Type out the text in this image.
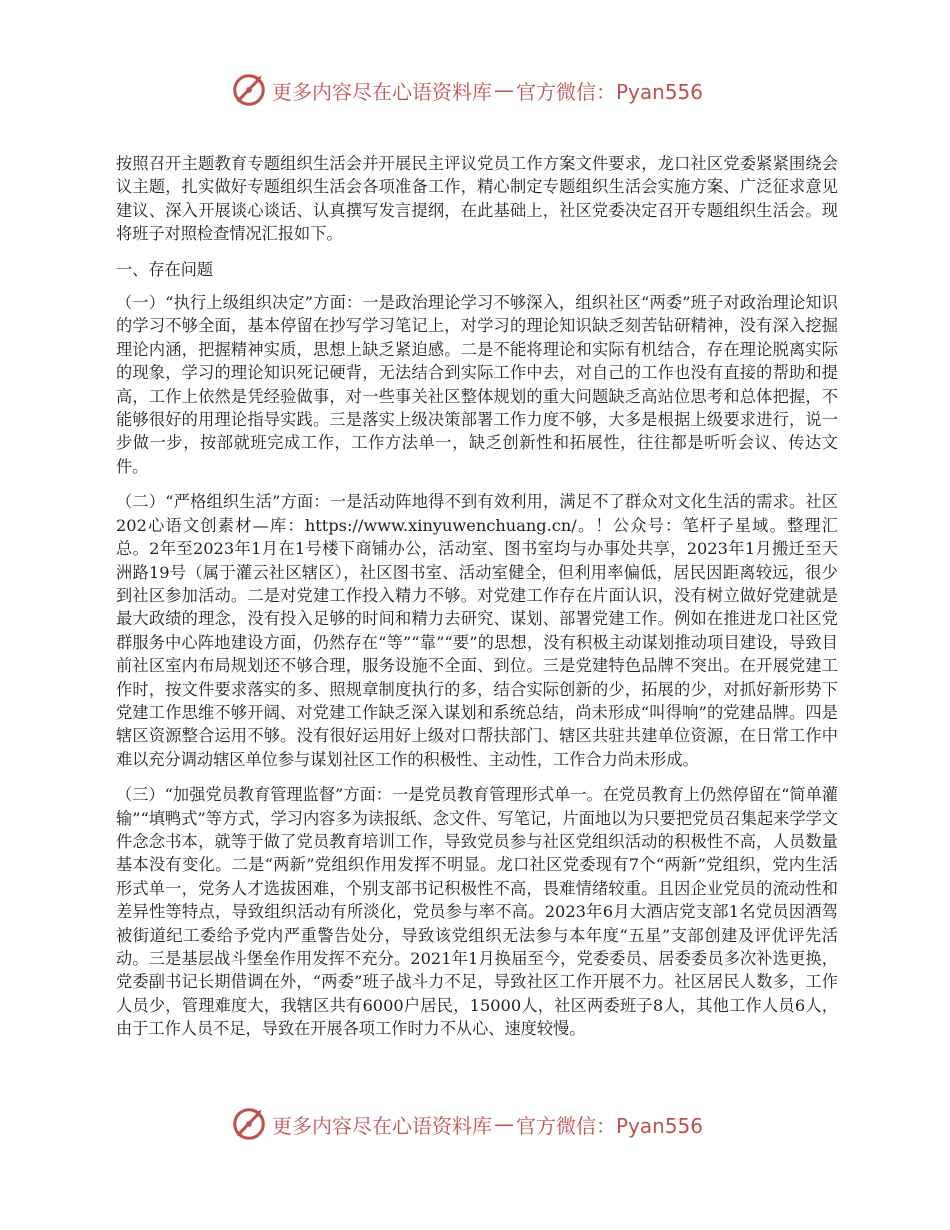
更多内容尽在心语资料库 — 官方微信：Pyan556

按照召开主题教育专题组织生活会并开展民主评议党员工作方案文件要求，龙口社区党委紧紧围绕会议主题，扎实做好专题组织生活会各项准备工作，精心制定专题组织生活会实施方案、广泛征求意见建议、深入开展谈心谈话、认真撰写发言提纲，在此基础上，社区党委决定召开专题组织生活会。现将班子对照检查情况汇报如下。

一、存在问题

（一）“执行上级组织决定”方面：一是政治理论学习不够深入，组织社区“两委”班子对政治理论知识的学习不够全面，基本停留在抄写学习笔记上，对学习的理论知识缺乏刻苦钻研精神，没有深入挖掘理论内涵，把握精神实质，思想上缺乏紧迫感。二是不能将理论和实际有机结合，存在理论脱离实际的现象，学习的理论知识死记硬背，无法结合到实际工作中去，对自己的工作也没有直接的帮助和提高，工作上依然是凭经验做事，对一些事关社区整体规划的重大问题缺乏高站位思考和总体把握，不能够很好的用理论指导实践。三是落实上级决策部署工作力度不够，大多是根据上级要求进行，说一步做一步，按部就班完成工作，工作方法单一，缺乏创新性和拓展性，往往都是听听会议、传达文件。

（二）“严格组织生活”方面：一是活动阵地得不到有效利用，满足不了群众对文化生活的需求。社区202心语文创素材—库：https://www.xinyuwenchuang.cn/。！公众号：笔杆子星域。整理汇总。2年至2023年1月在1号楼下商铺办公，活动室、图书室均与办事处共享，2023年1月搬迁至天洲路19号（属于灌云社区辖区），社区图书室、活动室健全，但利用率偏低，居民因距离较远，很少到社区参加活动。二是对党建工作投入精力不够。对党建工作存在片面认识，没有树立做好党建就是最大政绩的理念，没有投入足够的时间和精力去研究、谋划、部署党建工作。例如在推进龙口社区党群服务中心阵地建设方面，仍然存在“等”“靠”“要”的思想，没有积极主动谋划推动项目建设，导致目前社区室内布局规划还不够合理，服务设施不全面、到位。三是党建特色品牌不突出。在开展党建工作时，按文件要求落实的多、照规章制度执行的多，结合实际创新的少，拓展的少，对抓好新形势下党建工作思维不够开阔、对党建工作缺乏深入谋划和系统总结，尚未形成“叫得响”的党建品牌。四是辖区资源整合运用不够。没有很好运用好上级对口帮扶部门、辖区共驻共建单位资源，在日常工作中难以充分调动辖区单位参与谋划社区工作的积极性、主动性，工作合力尚未形成。

（三）“加强党员教育管理监督”方面：一是党员教育管理形式单一。在党员教育上仍然停留在“简单灌输”“填鸭式”等方式，学习内容多为读报纸、念文件、写笔记，片面地以为只要把党员召集起来学学文件念念书本，就等于做了党员教育培训工作，导致党员参与社区党组织活动的积极性不高，人员数量基本没有变化。二是“两新”党组织作用发挥不明显。龙口社区党委现有7个“两新”党组织，党内生活形式单一，党务人才选拔困难，个别支部书记积极性不高，畏难情绪较重。且因企业党员的流动性和差异性等特点，导致组织活动有所淡化，党员参与率不高。2023年6月大酒店党支部1名党员因酒驾被街道纪工委给予党内严重警告处分，导致该党组织无法参与本年度“五星”支部创建及评优评先活动。三是基层战斗堡垒作用发挥不充分。2021年1月换届至今，党委委员、居委委员多次补选更换，党委副书记长期借调在外，“两委”班子战斗力不足，导致社区工作开展不力。社区居民人数多，工作人员少，管理难度大，我辖区共有6000户居民，15000人，社区两委班子8人，其他工作人员6人，由于工作人员不足，导致在开展各项工作时力不从心、速度较慢。

更多内容尽在心语资料库 — 官方微信：Pyan556
